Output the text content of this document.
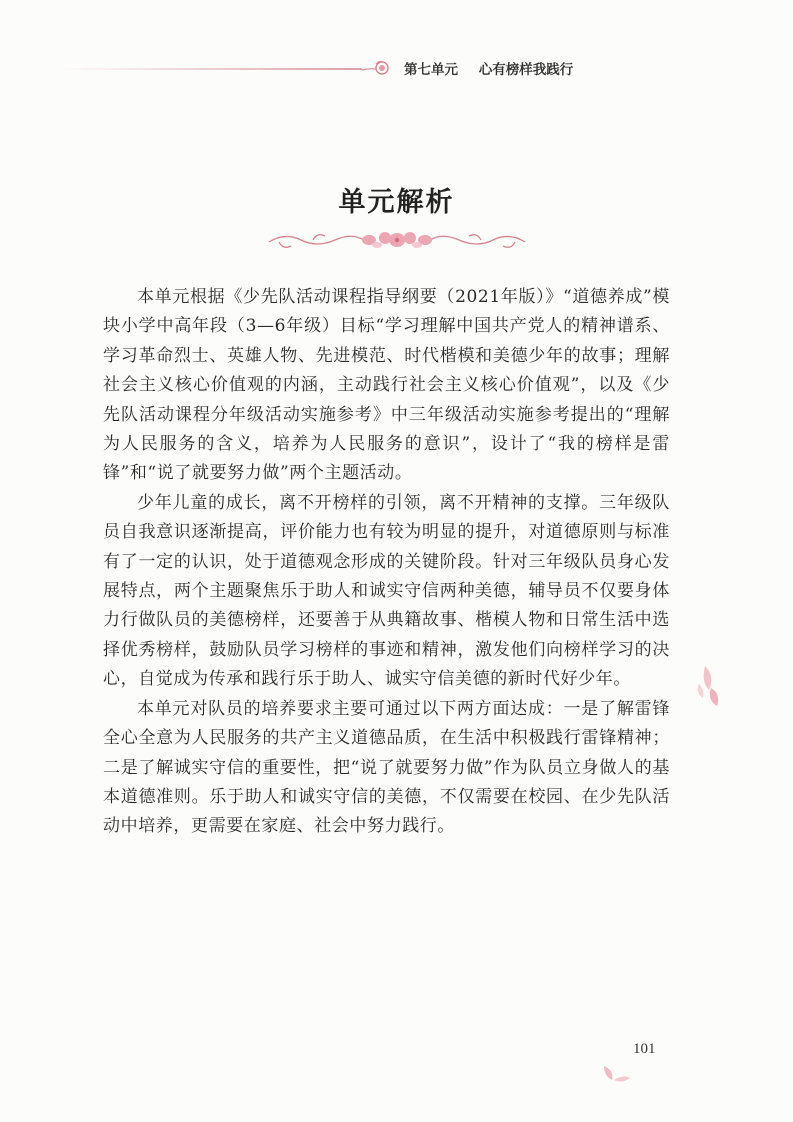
第七单元 心有榜样我践行
单元解析

本单元根据《少先队活动课程指导纲要（2021年版）》“道德养成”模块小学中高年段（3—6年级）目标“学习理解中国共产党人的精神谱系、学习革命烈士、英雄人物、先进模范、时代楷模和美德少年的故事；理解社会主义核心价值观的内涵，主动践行社会主义核心价值观”，以及《少先队活动课程分年级活动实施参考》中三年级活动实施参考提出的“理解为人民服务的含义，培养为人民服务的意识”，设计了“我的榜样是雷锋”和“说了就要努力做”两个主题活动。

少年儿童的成长，离不开榜样的引领，离不开精神的支撑。三年级队员自我意识逐渐提高，评价能力也有较为明显的提升，对道德原则与标准有了一定的认识，处于道德观念形成的关键阶段。针对三年级队员身心发展特点，两个主题聚焦乐于助人和诚实守信两种美德，辅导员不仅要身体力行做队员的美德榜样，还要善于从典籍故事、楷模人物和日常生活中选择优秀榜样，鼓励队员学习榜样的事迹和精神，激发他们向榜样学习的决心，自觉成为传承和践行乐于助人、诚实守信美德的新时代好少年。

本单元对队员的培养要求主要可通过以下两方面达成：一是了解雷锋全心全意为人民服务的共产主义道德品质，在生活中积极践行雷锋精神；二是了解诚实守信的重要性，把“说了就要努力做”作为队员立身做人的基本道德准则。乐于助人和诚实守信的美德，不仅需要在校园、在少先队活动中培养，更需要在家庭、社会中努力践行。

101
